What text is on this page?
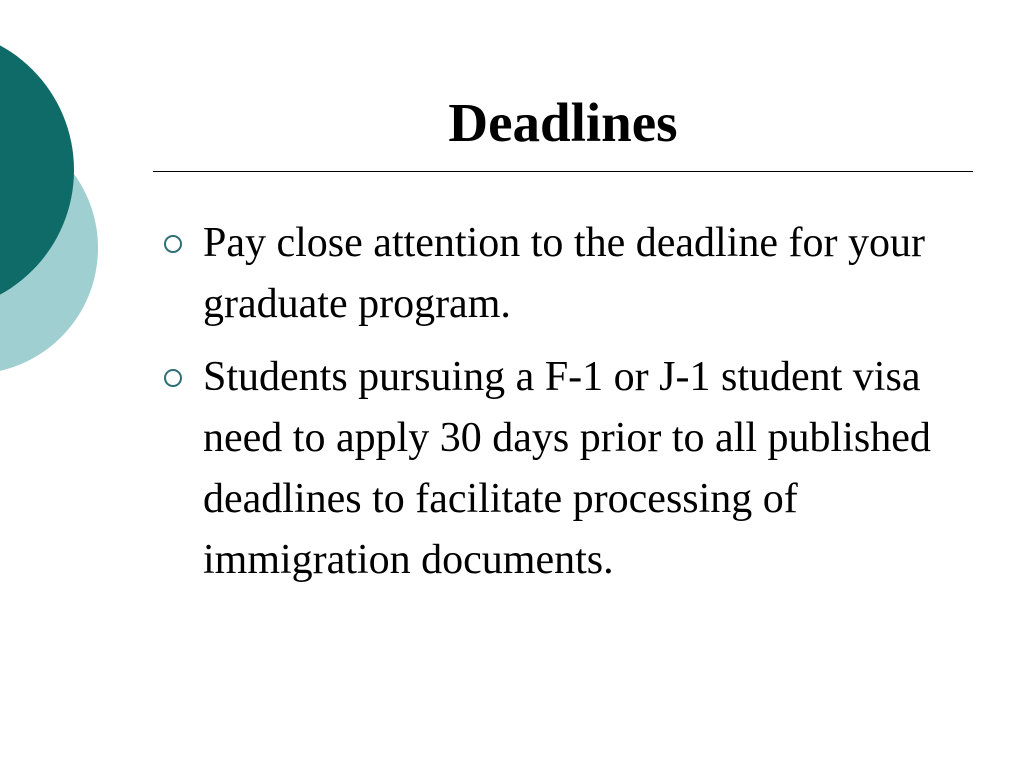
Deadlines
Pay close attention to the deadline for your graduate program.
Students pursuing a F-1 or J-1 student visa need to apply 30 days prior to all published deadlines to facilitate processing of immigration documents.
